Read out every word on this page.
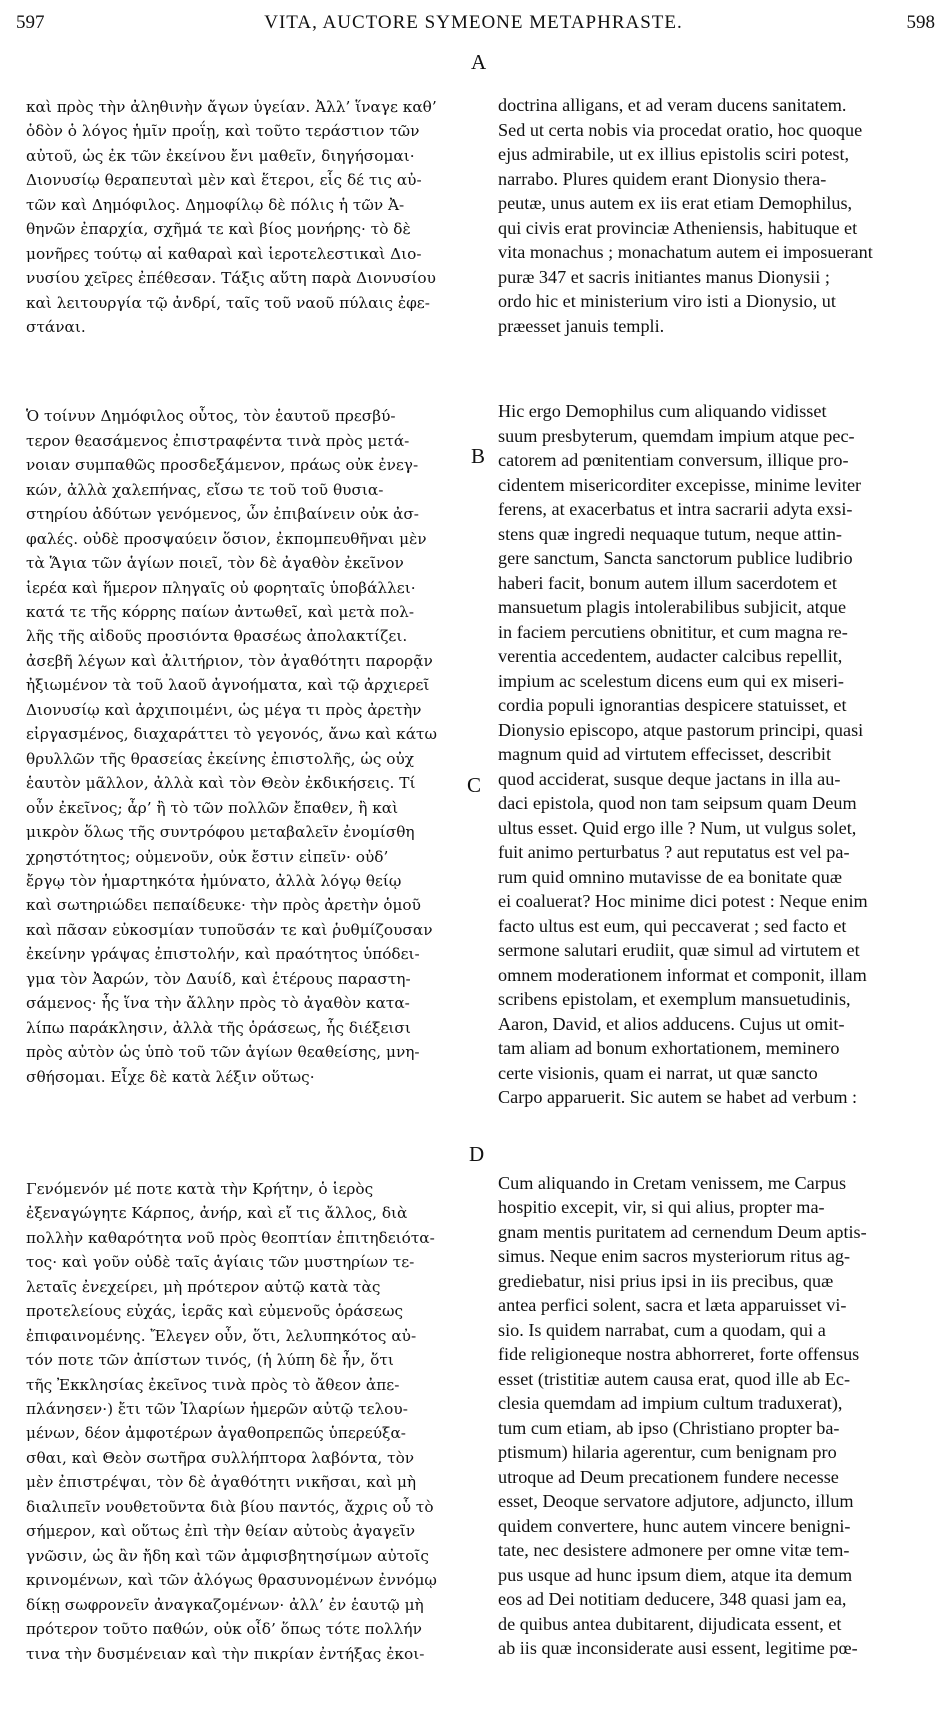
597	VITA, AUCTORE SYMEONE METAPHRASTE.	598

καὶ πρὸς τὴν ἀληθινὴν ἄγων ὑγείαν. Ἀλλ’ ἵναγε καθ’
ὁδὸν ὁ λόγος ἡμῖν προΐῃ, καὶ τοῦτο τεράστιον τῶν
αὐτοῦ, ὡς ἐκ τῶν ἐκείνου ἔνι μαθεῖν, διηγήσομαι·
Διονυσίῳ θεραπευταὶ μὲν καὶ ἕτεροι, εἷς δέ τις αὐ-
τῶν καὶ Δημόφιλος. Δημοφίλῳ δὲ πόλις ἡ τῶν Ἀ-
θηνῶν ἐπαρχία, σχῆμά τε καὶ βίος μονήρης· τὸ δὲ
μονῆρες τούτῳ αἱ καθαραὶ καὶ ἱεροτελεστικαὶ Διο-
νυσίου χεῖρες ἐπέθεσαν. Τάξις αὕτη παρὰ Διονυσίου
καὶ λειτουργία τῷ ἀνδρί, ταῖς τοῦ ναοῦ πύλαις ἐφε-
στάναι.

Ὁ τοίνυν Δημόφιλος οὗτος, τὸν ἑαυτοῦ πρεσβύ-
τερον θεασάμενος ἐπιστραφέντα τινὰ πρὸς μετά-
νοιαν συμπαθῶς προσδεξάμενον, πράως οὐκ ἐνεγ-
κών, ἀλλὰ χαλεπήνας, εἴσω τε τοῦ τοῦ θυσια-
στηρίου ἀδύτων γενόμενος, ὧν ἐπιβαίνειν οὐκ ἀσ-
φαλές. οὐδὲ προσψαύειν ὅσιον, ἐκπομπευθῆναι μὲν
τὰ Ἅγια τῶν ἁγίων ποιεῖ, τὸν δὲ ἀγαθὸν ἐκεῖνον
ἱερέα καὶ ἥμερον πληγαῖς οὐ φορηταῖς ὑποβάλλει·
κατά τε τῆς κόρρης παίων ἀντωθεῖ, καὶ μετὰ πολ-
λῆς τῆς αἰδοῦς προσιόντα θρασέως ἀπολακτίζει.
ἀσεβῆ λέγων καὶ ἀλιτήριον, τὸν ἀγαθότητι παρορᾷν
ἠξιωμένον τὰ τοῦ λαοῦ ἀγνοήματα, καὶ τῷ ἀρχιερεῖ
Διονυσίῳ καὶ ἀρχιποιμένι, ὡς μέγα τι πρὸς ἀρετὴν
εἰργασμένος, διαχαράττει τὸ γεγονός, ἄνω καὶ κάτω
θρυλλῶν τῆς θρασείας ἐκείνης ἐπιστολῆς, ὡς οὐχ
ἑαυτὸν μᾶλλον, ἀλλὰ καὶ τὸν Θεὸν ἐκδικήσεις. Τί
οὖν ἐκεῖνος; ἆρ’ ἢ τὸ τῶν πολλῶν ἔπαθεν, ἢ καὶ
μικρὸν ὅλως τῆς συντρόφου μεταβαλεῖν ἐνομίσθη
χρηστότητος; οὐμενοῦν, οὐκ ἔστιν εἰπεῖν· οὐδ’
ἔργῳ τὸν ἡμαρτηκότα ἠμύνατο, ἀλλὰ λόγῳ θείῳ
καὶ σωτηριώδει πεπαίδευκε· τὴν πρὸς ἀρετὴν ὁμοῦ
καὶ πᾶσαν εὐκοσμίαν τυποῦσάν τε καὶ ῥυθμίζουσαν
ἐκείνην γράψας ἐπιστολήν, καὶ πραότητος ὑπόδει-
γμα τὸν Ἀαρών, τὸν Δαυίδ, καὶ ἑτέρους παραστη-
σάμενος· ἧς ἵνα τὴν ἄλλην πρὸς τὸ ἀγαθὸν κατα-
λίπω παράκλησιν, ἀλλὰ τῆς ὁράσεως, ἧς διέξεισι
πρὸς αὐτὸν ὡς ὑπὸ τοῦ τῶν ἁγίων θεαθείσης, μνη-
σθήσομαι. Εἶχε δὲ κατὰ λέξιν οὕτως·

Γενόμενόν μέ ποτε κατὰ τὴν Κρήτην, ὁ ἱερὸς
ἐξεναγώγητε Κάρπος, ἀνήρ, καὶ εἴ τις ἄλλος, διὰ
πολλὴν καθαρότητα νοῦ πρὸς θεοπτίαν ἐπιτηδειότα-
τος· καὶ γοῦν οὐδὲ ταῖς ἁγίαις τῶν μυστηρίων τε-
λεταῖς ἐνεχείρει, μὴ πρότερον αὐτῷ κατὰ τὰς
προτελείους εὐχάς, ἱερᾶς καὶ εὐμενοῦς ὁράσεως
ἐπιφαινομένης. Ἔλεγεν οὖν, ὅτι, λελυπηκότος αὐ-
τόν ποτε τῶν ἀπίστων τινός, (ἡ λύπη δὲ ἦν, ὅτι
τῆς Ἐκκλησίας ἐκεῖνος τινὰ πρὸς τὸ ἄθεον ἀπε-
πλάνησεν·) ἔτι τῶν Ἱλαρίων ἡμερῶν αὐτῷ τελου-
μένων, δέον ἀμφοτέρων ἀγαθοπρεπῶς ὑπερεύξα-
σθαι, καὶ Θεὸν σωτῆρα συλλήπτορα λαβόντα, τὸν
μὲν ἐπιστρέψαι, τὸν δὲ ἀγαθότητι νικῆσαι, καὶ μὴ
διαλιπεῖν νουθετοῦντα διὰ βίου παντός, ἄχρις οὗ τὸ
σήμερον, καὶ οὕτως ἐπὶ τὴν θείαν αὐτοὺς ἀγαγεῖν
γνῶσιν, ὡς ἂν ἤδη καὶ τῶν ἀμφισβητησίμων αὐτοῖς
κρινομένων, καὶ τῶν ἀλόγως θρασυνομένων ἐννόμῳ
δίκῃ σωφρονεῖν ἀναγκαζομένων· ἀλλ’ ἐν ἑαυτῷ μὴ
πρότερον τοῦτο παθών, οὐκ οἶδ’ ὅπως τότε πολλήν
τινα τὴν δυσμένειαν καὶ τὴν πικρίαν ἐντήξας ἐκοι-

A
B
C
D

doctrina alligans, et ad veram ducens sanitatem.
Sed ut certa nobis via procedat oratio, hoc quoque
ejus admirabile, ut ex illius epistolis sciri potest,
narrabo. Plures quidem erant Dionysio thera-
peutæ, unus autem ex iis erat etiam Demophilus,
qui civis erat provinciæ Atheniensis, habituque et
vita monachus ; monachatum autem ei imposuerant
puræ 347 et sacris initiantes manus Dionysii ;
ordo hic et ministerium viro isti a Dionysio, ut
præesset januis templi.

Hic ergo Demophilus cum aliquando vidisset
suum presbyterum, quemdam impium atque pec-
catorem ad pœnitentiam conversum, illique pro-
cidentem misericorditer excepisse, minime leviter
ferens, at exacerbatus et intra sacrarii adyta exsi-
stens quæ ingredi nequaque tutum, neque attin-
gere sanctum, Sancta sanctorum publice ludibrio
haberi facit, bonum autem illum sacerdotem et
mansuetum plagis intolerabilibus subjicit, atque
in faciem percutiens obnititur, et cum magna re-
verentia accedentem, audacter calcibus repellit,
impium ac scelestum dicens eum qui ex miseri-
cordia populi ignorantias despicere statuisset, et
Dionysio episcopo, atque pastorum principi, quasi
magnum quid ad virtutem effecisset, describit
quod acciderat, susque deque jactans in illa au-
daci epistola, quod non tam seipsum quam Deum
ultus esset. Quid ergo ille ? Num, ut vulgus solet,
fuit animo perturbatus ? aut reputatus est vel pa-
rum quid omnino mutavisse de ea bonitate quæ
ei coaluerat? Hoc minime dici potest : Neque enim
facto ultus est eum, qui peccaverat ; sed facto et
sermone salutari erudiit, quæ simul ad virtutem et
omnem moderationem informat et componit, illam
scribens epistolam, et exemplum mansuetudinis,
Aaron, David, et alios adducens. Cujus ut omit-
tam aliam ad bonum exhortationem, meminero
certe visionis, quam ei narrat, ut quæ sancto
Carpo apparuerit. Sic autem se habet ad verbum :

Cum aliquando in Cretam venissem, me Carpus
hospitio excepit, vir, si qui alius, propter ma-
gnam mentis puritatem ad cernendum Deum aptis-
simus. Neque enim sacros mysteriorum ritus ag-
grediebatur, nisi prius ipsi in iis precibus, quæ
antea perfici solent, sacra et læta apparuisset vi-
sio. Is quidem narrabat, cum a quodam, qui a
fide religioneque nostra abhorreret, forte offensus
esset (tristitiæ autem causa erat, quod ille ab Ec-
clesia quemdam ad impium cultum traduxerat),
tum cum etiam, ab ipso (Christiano propter ba-
ptismum) hilaria agerentur, cum benignam pro
utroque ad Deum precationem fundere necesse
esset, Deoque servatore adjutore, adjuncto, illum
quidem convertere, hunc autem vincere benigni-
tate, nec desistere admonere per omne vitæ tem-
pus usque ad hunc ipsum diem, atque ita demum
eos ad Dei notitiam deducere, 348 quasi jam ea,
de quibus antea dubitarent, dijudicata essent, et
ab iis quæ inconsiderate ausi essent, legitime pœ-
